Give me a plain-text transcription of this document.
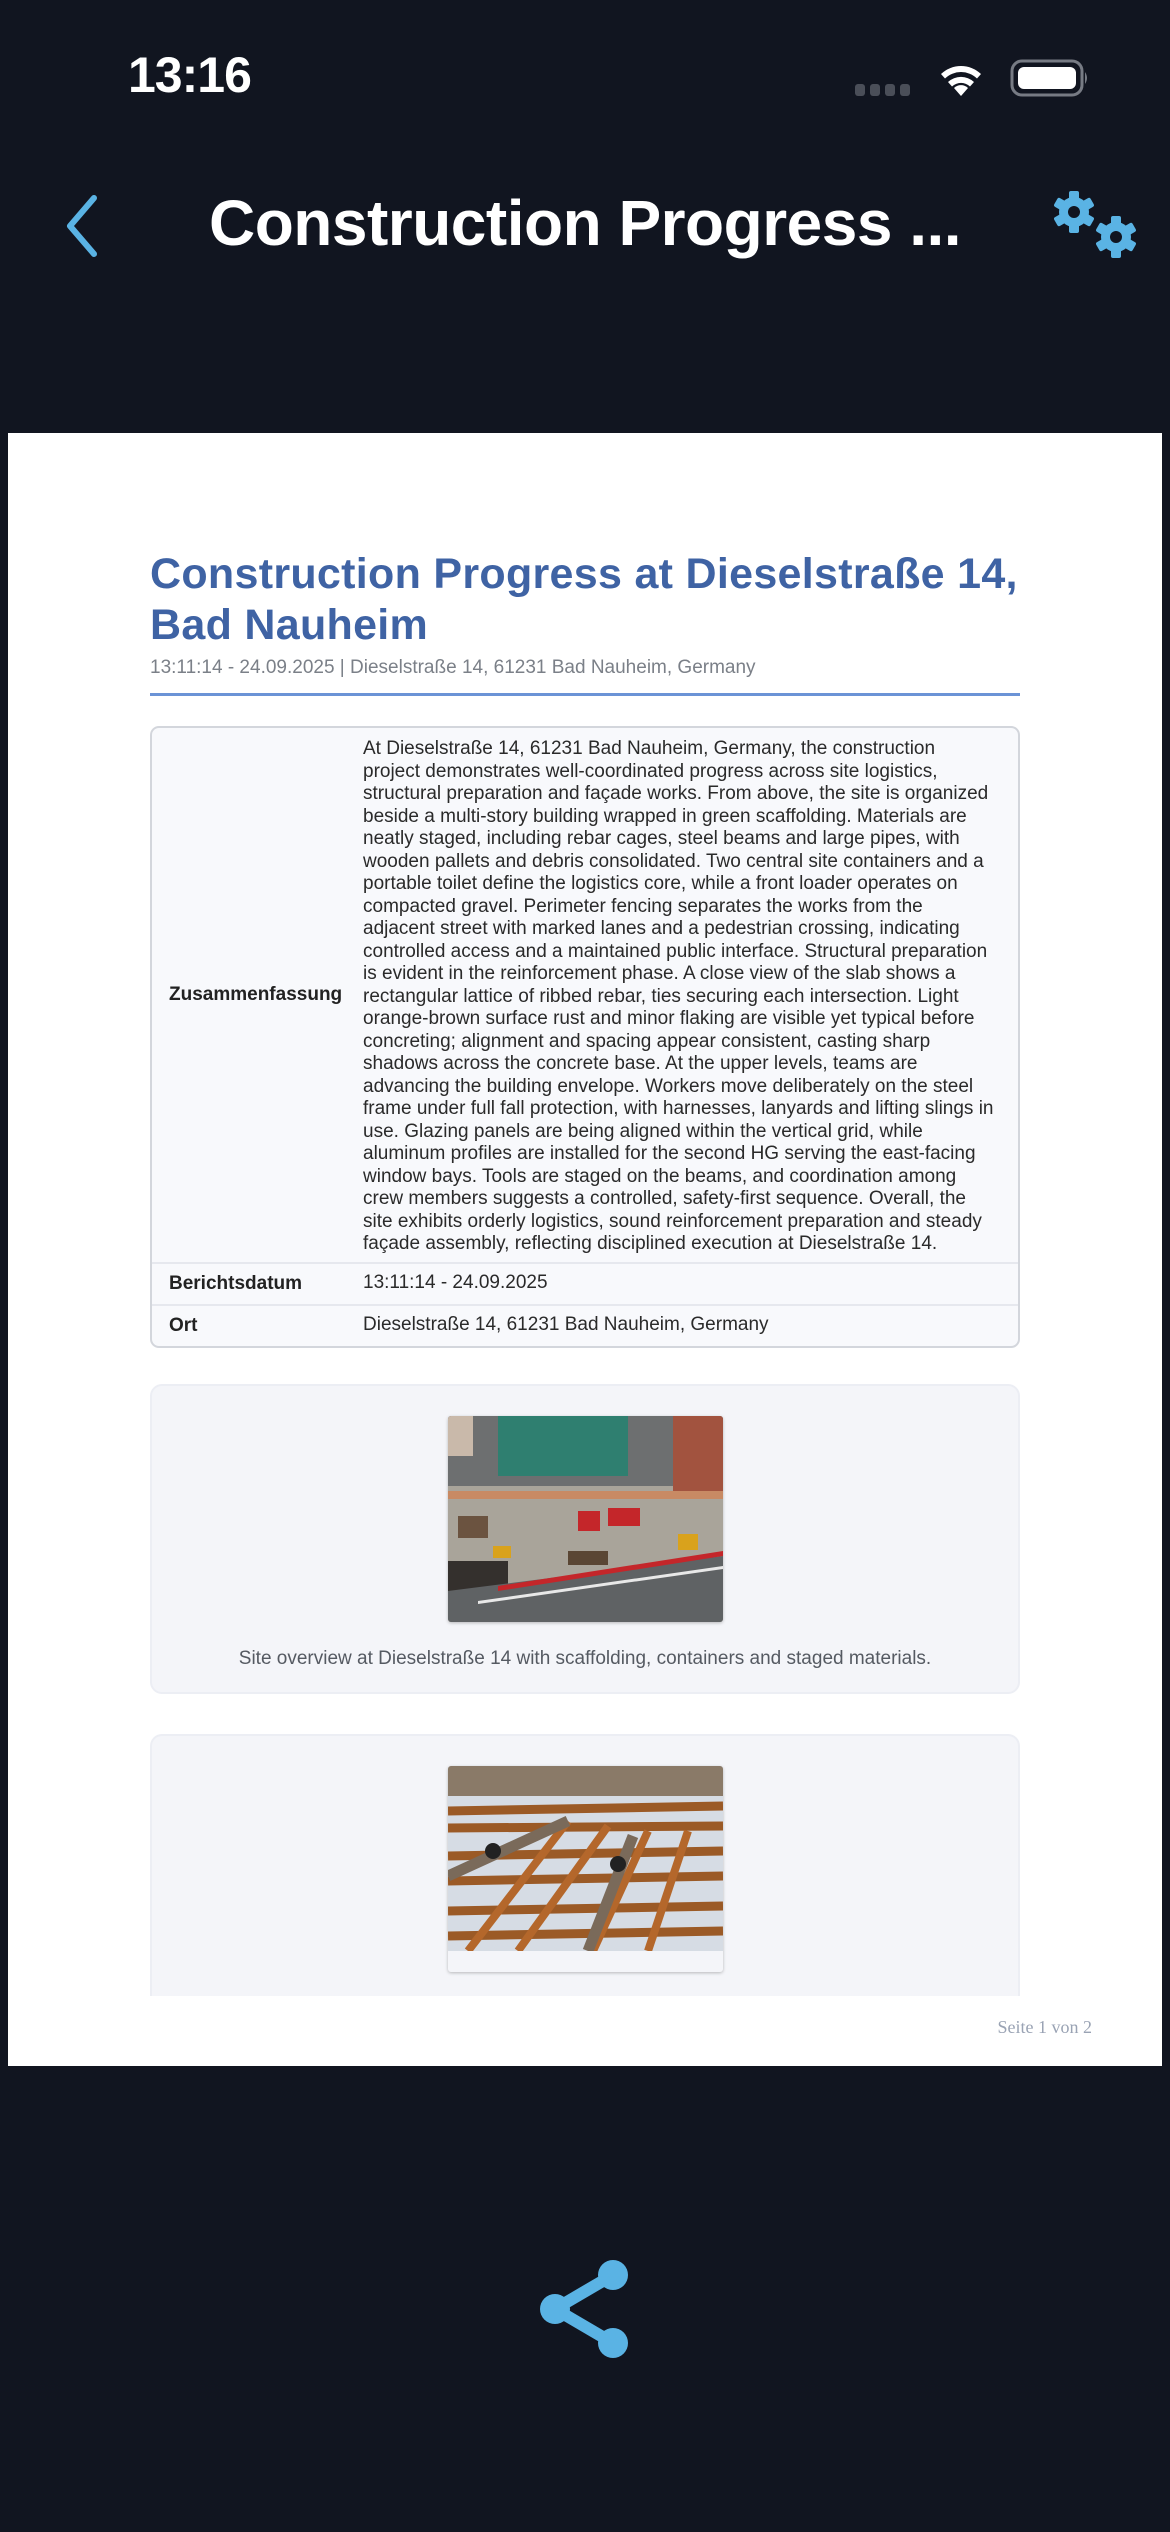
13:16
Construction Progress ...
Construction Progress at Dieselstraße 14, Bad Nauheim
13:11:14 - 24.09.2025 | Dieselstraße 14, 61231 Bad Nauheim, Germany
Zusammenfassung
At Dieselstraße 14, 61231 Bad Nauheim, Germany, the construction project demonstrates well-coordinated progress across site logistics, structural preparation and façade works. From above, the site is organized beside a multi-story building wrapped in green scaffolding. Materials are neatly staged, including rebar cages, steel beams and large pipes, with wooden pallets and debris consolidated. Two central site containers and a portable toilet define the logistics core, while a front loader operates on compacted gravel. Perimeter fencing separates the works from the adjacent street with marked lanes and a pedestrian crossing, indicating controlled access and a maintained public interface. Structural preparation is evident in the reinforcement phase. A close view of the slab shows a rectangular lattice of ribbed rebar, ties securing each intersection. Light orange-brown surface rust and minor flaking are visible yet typical before concreting; alignment and spacing appear consistent, casting sharp shadows across the concrete base. At the upper levels, teams are advancing the building envelope. Workers move deliberately on the steel frame under full fall protection, with harnesses, lanyards and lifting slings in use. Glazing panels are being aligned within the vertical grid, while aluminum profiles are installed for the second HG serving the east-facing window bays. Tools are staged on the beams, and coordination among crew members suggests a controlled, safety-first sequence. Overall, the site exhibits orderly logistics, sound reinforcement preparation and steady façade assembly, reflecting disciplined execution at Dieselstraße 14.
Berichtsdatum	13:11:14 - 24.09.2025
Ort	Dieselstraße 14, 61231 Bad Nauheim, Germany
Site overview at Dieselstraße 14 with scaffolding, containers and staged materials.
Seite 1 von 2
